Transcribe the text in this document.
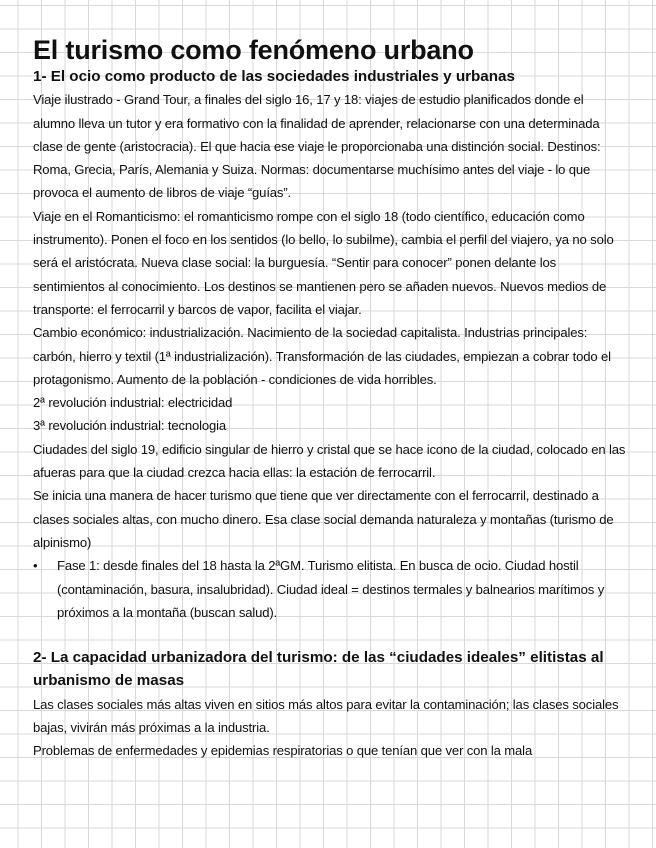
El turismo como fenómeno urbano
1- El ocio como producto de las sociedades industriales y urbanas

Viaje ilustrado - Grand Tour, a finales del siglo 16, 17 y 18: viajes de estudio planificados donde el alumno lleva un tutor y era formativo con la finalidad de aprender, relacionarse con una determinada clase de gente (aristocracia). El que hacia ese viaje le proporcionaba una distinción social. Destinos: Roma, Grecia, París, Alemania y Suiza. Normas: documentarse muchísimo antes del viaje - lo que provoca el aumento de libros de viaje “guías”.

Viaje en el Romanticismo: el romanticismo rompe con el siglo 18 (todo científico, educación como instrumento). Ponen el foco en los sentidos (lo bello, lo subilme), cambia el perfil del viajero, ya no solo será el aristócrata. Nueva clase social: la burguesía. “Sentir para conocer” ponen delante los sentimientos al conocimiento. Los destinos se mantienen pero se añaden nuevos. Nuevos medios de transporte: el ferrocarril y barcos de vapor, facilita el viajar.

Cambio económico: industrialización. Nacimiento de la sociedad capitalista. Industrias principales: carbón, hierro y textil (1ª industrialización). Transformación de las ciudades, empiezan a cobrar todo el protagonismo. Aumento de la población - condiciones de vida horribles.

2ª revolución industrial: electricidad

3ª revolución industrial: tecnologia

Ciudades del siglo 19, edificio singular de hierro y cristal que se hace icono de la ciudad, colocado en las afueras para que la ciudad crezca hacia ellas: la estación de ferrocarril.

Se inicia una manera de hacer turismo que tiene que ver directamente con el ferrocarril, destinado a clases sociales altas, con mucho dinero. Esa clase social demanda naturaleza y montañas (turismo de alpinismo)

• Fase 1: desde finales del 18 hasta la 2ªGM. Turismo elitista. En busca de ocio. Ciudad hostil (contaminación, basura, insalubridad). Ciudad ideal = destinos termales y balnearios marítimos y próximos a la montaña (buscan salud).
2- La capacidad urbanizadora del turismo: de las “ciudades ideales” elitistas al urbanismo de masas

Las clases sociales más altas viven en sitios más altos para evitar la contaminación; las clases sociales bajas, vivirán más próximas a la industria.

Problemas de enfermedades y epidemias respiratorias o que tenían que ver con la mala
